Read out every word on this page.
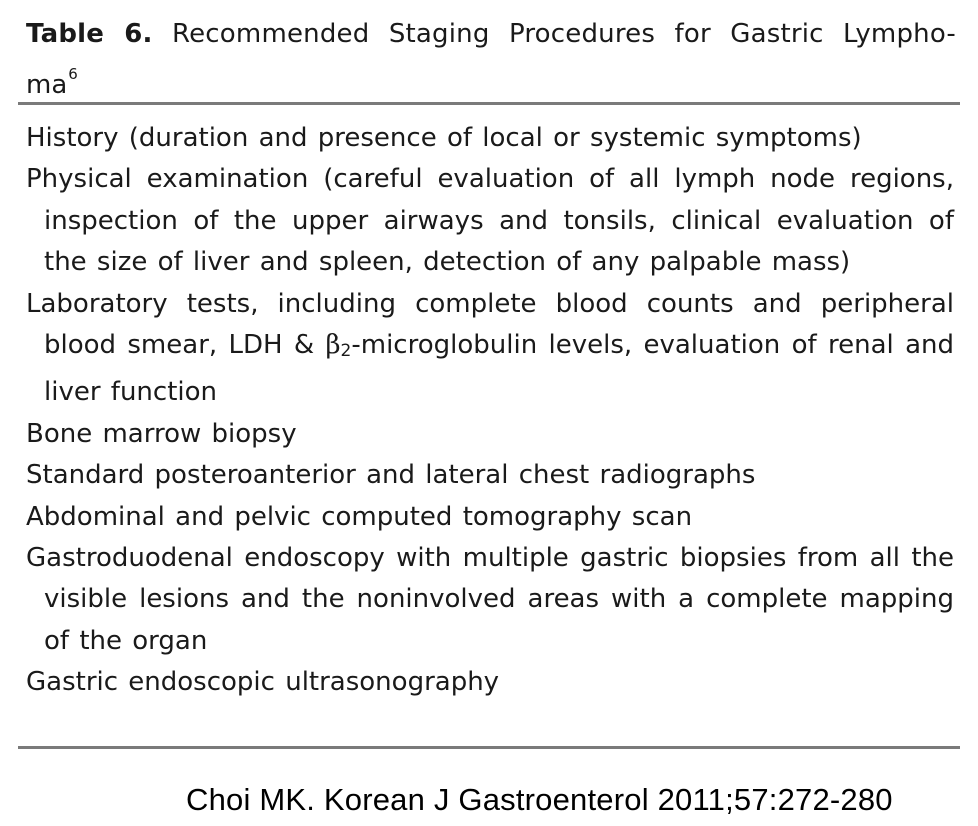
Table 6. Recommended Staging Procedures for Gastric Lympho-
ma$^6$
History (duration and presence of local or systemic symptoms)
Physical examination (careful evaluation of all lymph node regions, inspection of the upper airways and tonsils, clinical evaluation of the size of liver and spleen, detection of any palpable mass)
Laboratory tests, including complete blood counts and peripheral blood smear, LDH & β2-microglobulin levels, evaluation of renal and liver function
Bone marrow biopsy
Standard posteroanterior and lateral chest radiographs
Abdominal and pelvic computed tomography scan
Gastroduodenal endoscopy with multiple gastric biopsies from all the visible lesions and the noninvolved areas with a complete mapping of the organ
Gastric endoscopic ultrasonography
Choi MK. Korean J Gastroenterol 2011;57:272-280
